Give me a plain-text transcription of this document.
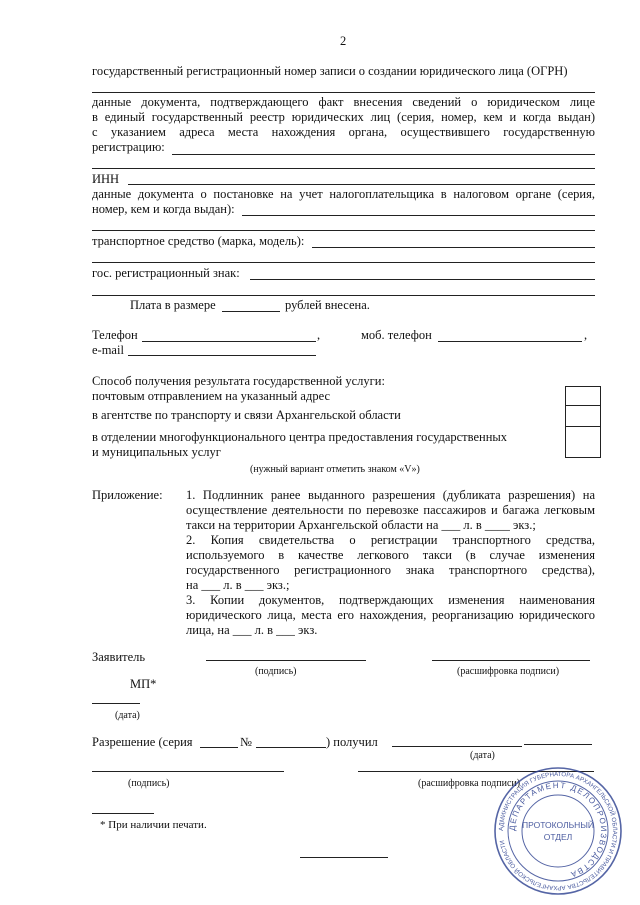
2
государственный регистрационный номер записи о создании юридического лица (ОГРН)
данные документа, подтверждающего факт внесения сведений о юридическом лице
в единый государственный реестр юридических лиц (серия, номер, кем и когда выдан)
с указанием адреса места нахождения органа, осуществившего государственную
регистрацию:
ИНН
данные документа о постановке на учет налогоплательщика в налоговом органе (серия,
номер, кем и когда выдан):
транспортное средство (марка, модель):
гос. регистрационный знак:
Плата в размере	рублей внесена.
Телефон	,	моб. телефон	,
e-mail
Способ получения результата государственной услуги:
почтовым отправлением на указанный адрес
в агентстве по транспорту и связи Архангельской области
в отделении многофункционального центра предоставления государственных
и муниципальных услуг
(нужный вариант отметить знаком «V»)
Приложение: 1. Подлинник ранее выданного разрешения (дубликата разрешения) на
осуществление деятельности по перевозке пассажиров и багажа легковым
такси на территории Архангельской области на ___ л. в ____ экз.;
2. Копия свидетельства о регистрации транспортного средства,
используемого в качестве легкового такси (в случае изменения
государственного регистрационного знака транспортного средства),
на ___ л. в ___ экз.;
3. Копии документов, подтверждающих изменения наименования
юридического лица, места его нахождения, реорганизацию юридического
лица, на ___ л. в ___ экз.
Заявитель
(подпись)	(расшифровка подписи)
МП*
(дата)
Разрешение (серия	№	) получил
(дата)
(подпись)	(расшифровка подписи)
* При наличии печати.	АДМИНИСТРАЦИЯ ГУБЕРНАТОРА АРХАНГЕЛЬСКОЙ ОБЛАСТИ И ПРАВИТЕЛЬСТВА АРХАНГЕЛЬСКОЙ ОБЛАСТИ
ДЕПАРТАМЕНТ ДЕЛОПРОИЗВОДСТВА
ПРОТОКОЛЬНЫЙ
ОТДЕЛ
